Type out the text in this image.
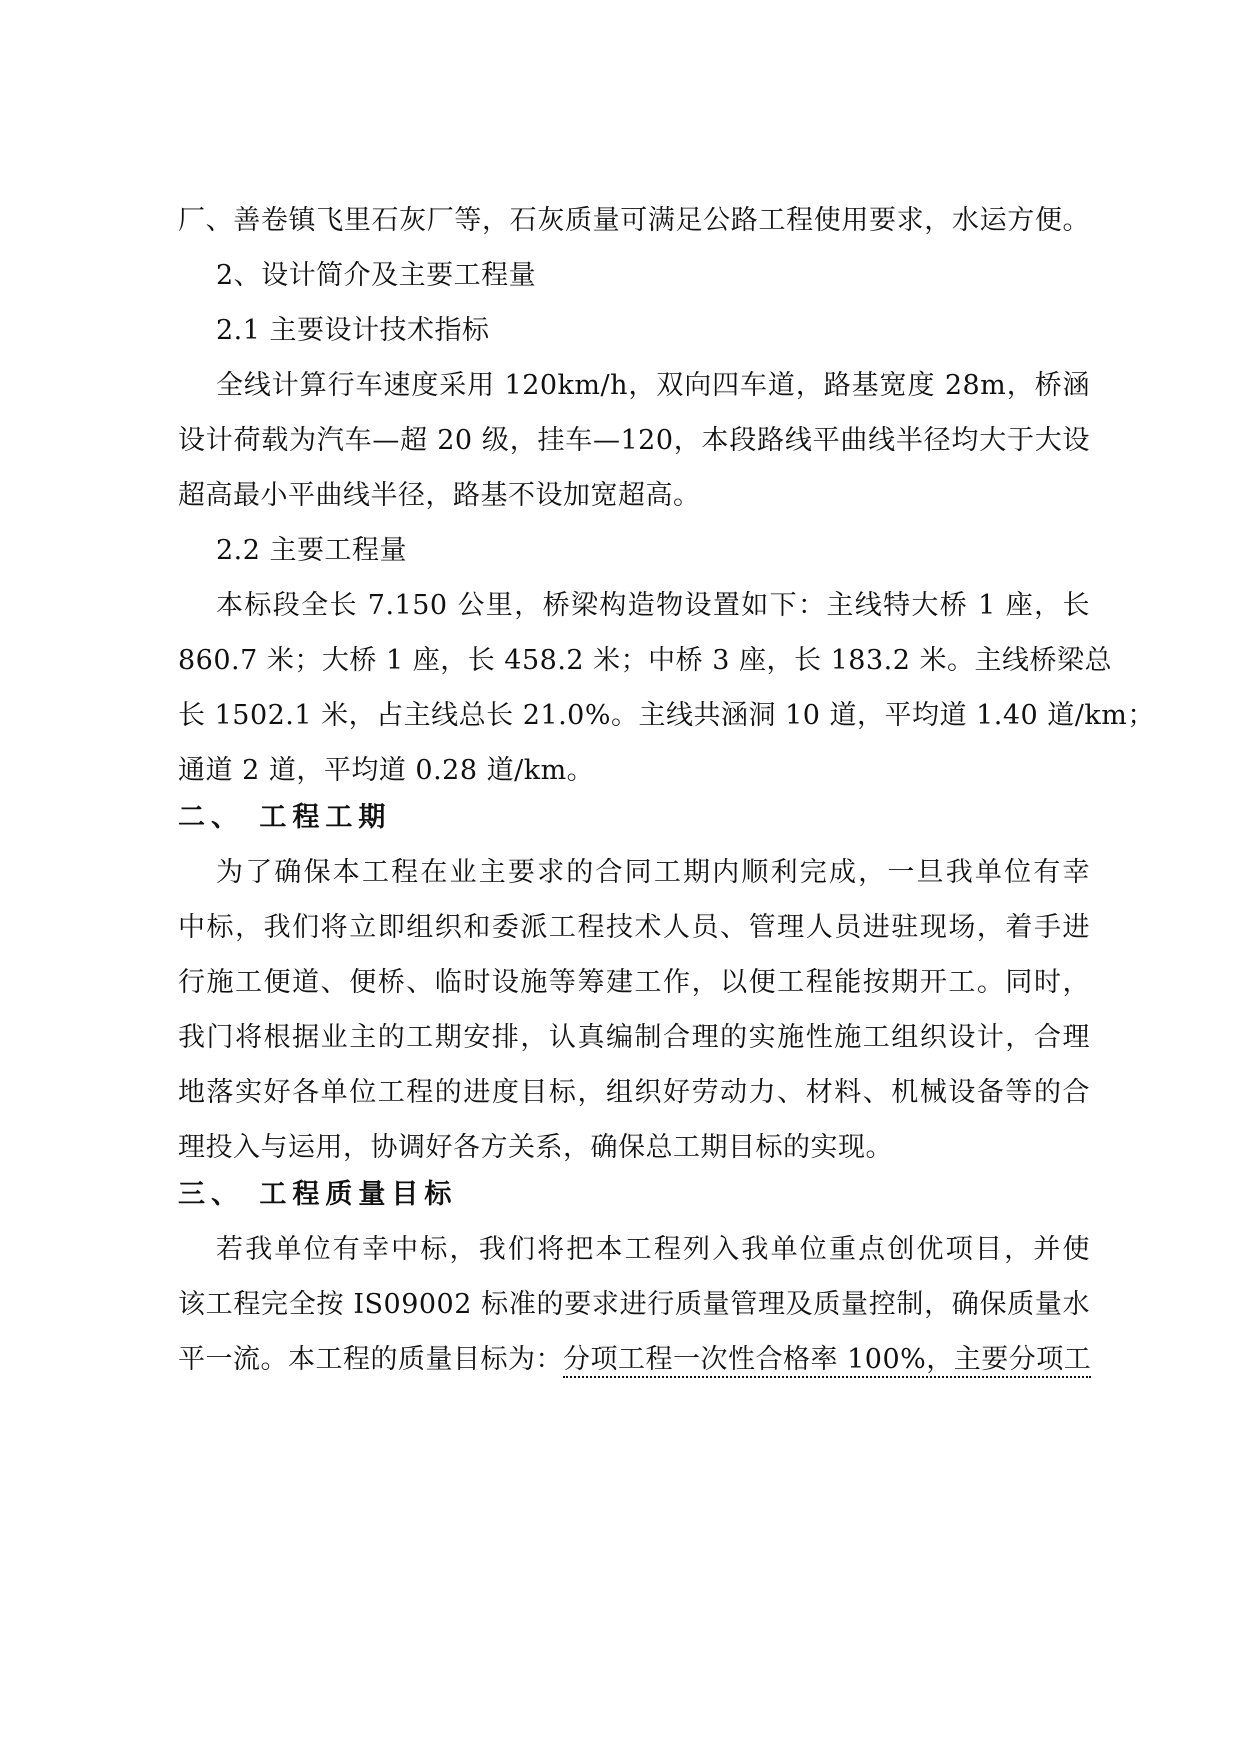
厂、善卷镇飞里石灰厂等，石灰质量可满足公路工程使用要求，水运方便。
2、设计简介及主要工程量
2.1 主要设计技术指标
全线计算行车速度采用 120km/h，双向四车道，路基宽度 28m，桥涵
设计荷载为汽车—超 20 级，挂车—120，本段路线平曲线半径均大于大设
超高最小平曲线半径，路基不设加宽超高。
2.2 主要工程量
本标段全长 7.150 公里，桥梁构造物设置如下：主线特大桥 1 座，长
860.7 米；大桥 1 座，长 458.2 米；中桥 3 座，长 183.2 米。主线桥梁总
长 1502.1 米，占主线总长 21.0%。主线共涵洞 10 道，平均道 1.40 道/km；
通道 2 道，平均道 0.28 道/km。
二、 工程工期
为了确保本工程在业主要求的合同工期内顺利完成，一旦我单位有幸
中标，我们将立即组织和委派工程技术人员、管理人员进驻现场，着手进
行施工便道、便桥、临时设施等筹建工作，以便工程能按期开工。同时，
我门将根据业主的工期安排，认真编制合理的实施性施工组织设计，合理
地落实好各单位工程的进度目标，组织好劳动力、材料、机械设备等的合
理投入与运用，协调好各方关系，确保总工期目标的实现。
三、 工程质量目标
若我单位有幸中标，我们将把本工程列入我单位重点创优项目，并使
该工程完全按 IS09002 标准的要求进行质量管理及质量控制，确保质量水
平一流。本工程的质量目标为：分项工程一次性合格率 100%，主要分项工
